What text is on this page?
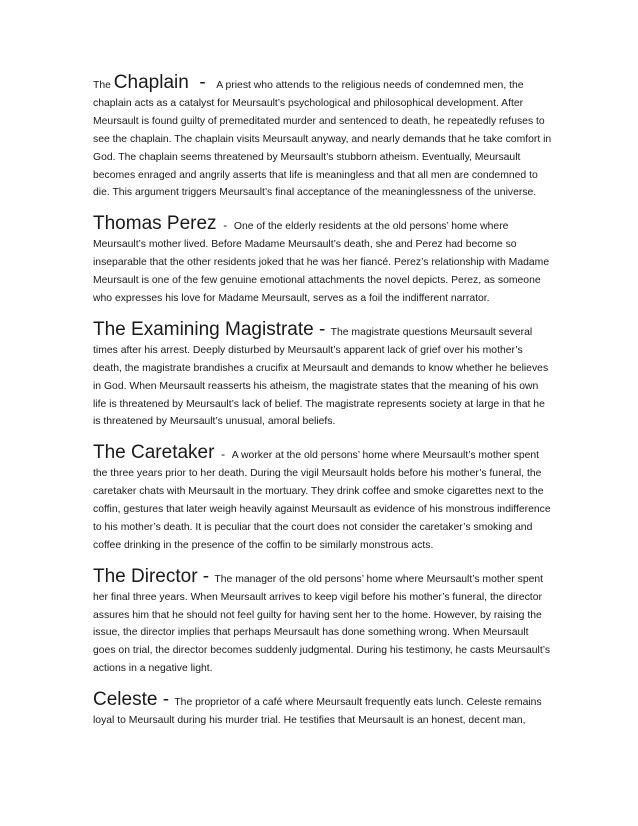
The Chaplain  -  A priest who attends to the religious needs of condemned men, the chaplain acts as a catalyst for Meursault’s psychological and philosophical development. After Meursault is found guilty of premeditated murder and sentenced to death, he repeatedly refuses to see the chaplain. The chaplain visits Meursault anyway, and nearly demands that he take comfort in God. The chaplain seems threatened by Meursault’s stubborn atheism. Eventually, Meursault becomes enraged and angrily asserts that life is meaningless and that all men are condemned to die. This argument triggers Meursault’s final acceptance of the meaninglessness of the universe.

Thomas Perez  -  One of the elderly residents at the old persons’ home where Meursault’s mother lived. Before Madame Meursault’s death, she and Perez had become so inseparable that the other residents joked that he was her fiancé. Perez’s relationship with Madame Meursault is one of the few genuine emotional attachments the novel depicts. Perez, as someone who expresses his love for Madame Meursault, serves as a foil the indifferent narrator.

The Examining Magistrate - The magistrate questions Meursault several times after his arrest. Deeply disturbed by Meursault’s apparent lack of grief over his mother’s death, the magistrate brandishes a crucifix at Meursault and demands to know whether he believes in God. When Meursault reasserts his atheism, the magistrate states that the meaning of his own life is threatened by Meursault’s lack of belief. The magistrate represents society at large in that he is threatened by Meursault’s unusual, amoral beliefs.

The Caretaker  -  A worker at the old persons’ home where Meursault’s mother spent the three years prior to her death. During the vigil Meursault holds before his mother’s funeral, the caretaker chats with Meursault in the mortuary. They drink coffee and smoke cigarettes next to the coffin, gestures that later weigh heavily against Meursault as evidence of his monstrous indifference to his mother’s death. It is peculiar that the court does not consider the caretaker’s smoking and coffee drinking in the presence of the coffin to be similarly monstrous acts.

The Director - The manager of the old persons’ home where Meursault’s mother spent her final three years. When Meursault arrives to keep vigil before his mother’s funeral, the director assures him that he should not feel guilty for having sent her to the home. However, by raising the issue, the director implies that perhaps Meursault has done something wrong. When Meursault goes on trial, the director becomes suddenly judgmental. During his testimony, he casts Meursault’s actions in a negative light.

Celeste - The proprietor of a café where Meursault frequently eats lunch. Celeste remains loyal to Meursault during his murder trial. He testifies that Meursault is an honest, decent man,
